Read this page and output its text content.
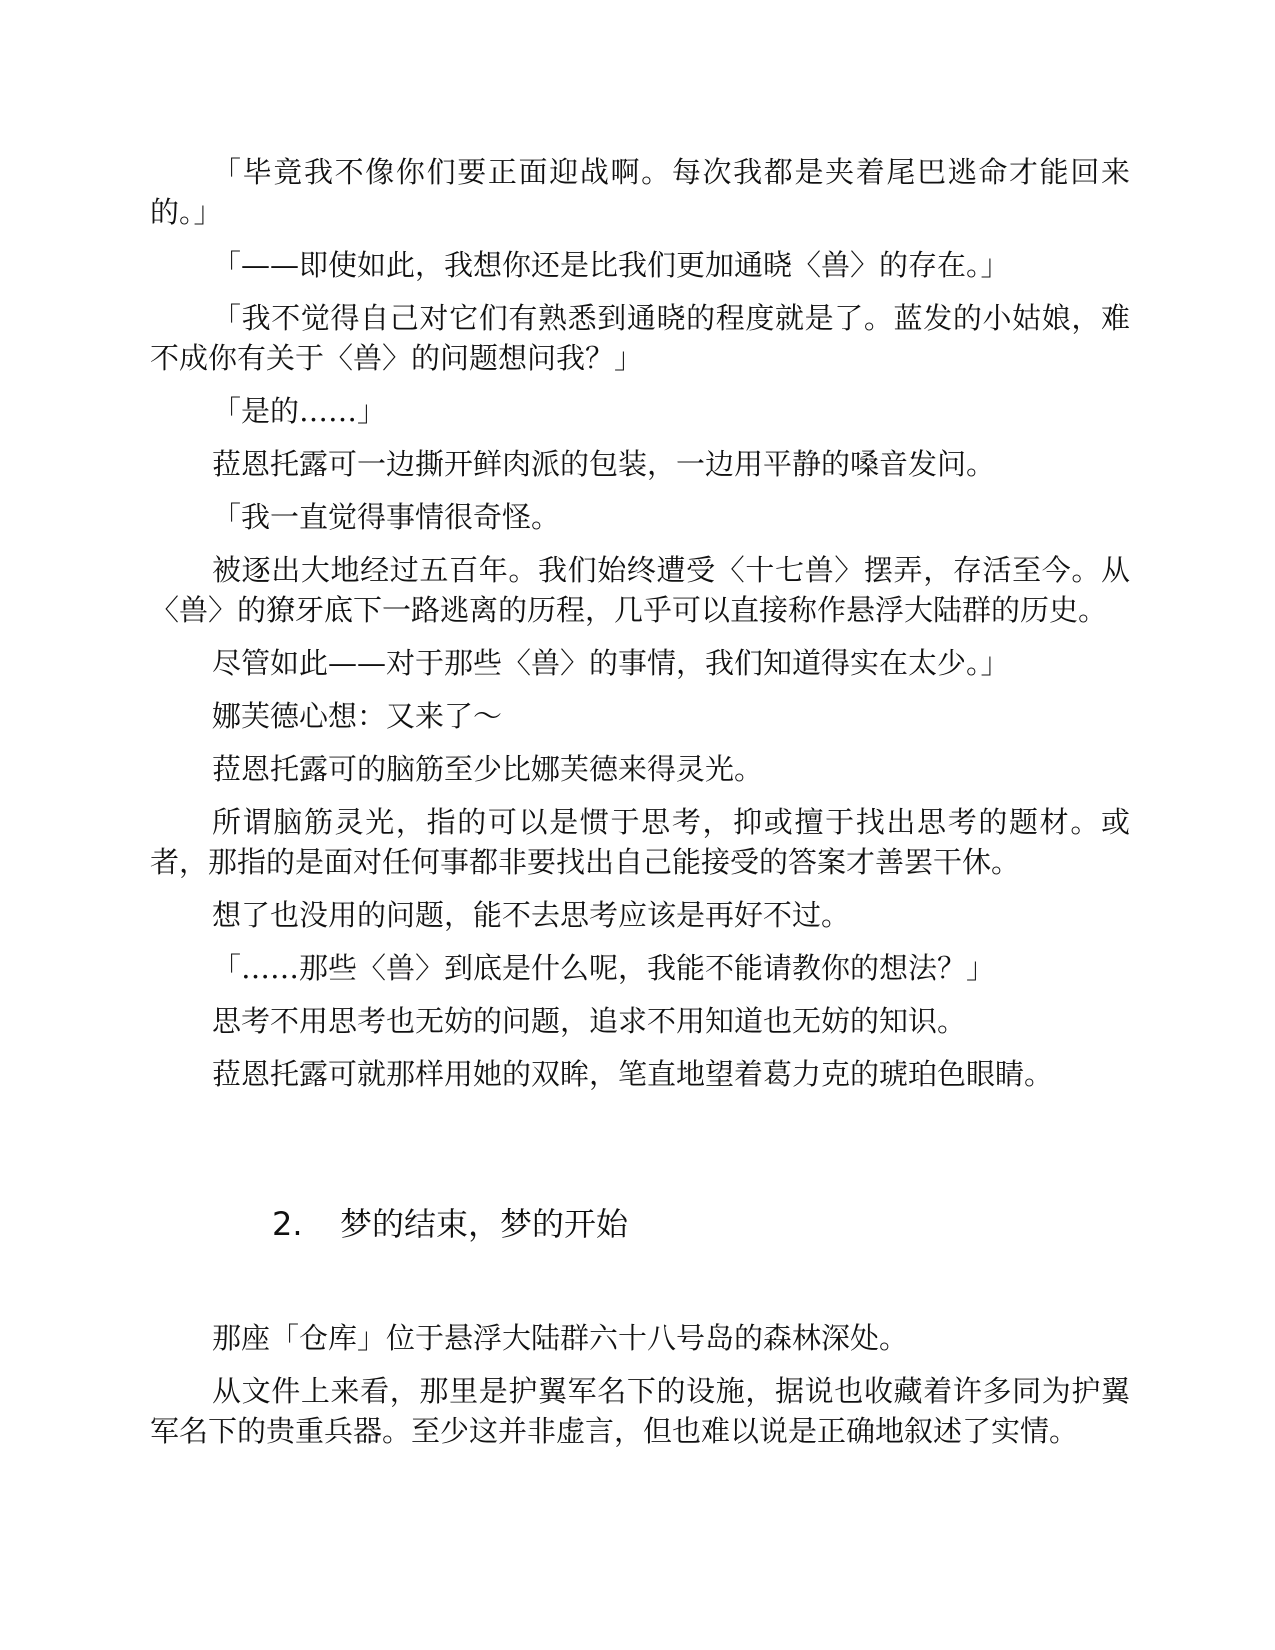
「毕竟我不像你们要正面迎战啊。每次我都是夹着尾巴逃命才能回来的。」

「——即使如此，我想你还是比我们更加通晓〈兽〉的存在。」

「我不觉得自己对它们有熟悉到通晓的程度就是了。蓝发的小姑娘，难不成你有关于〈兽〉的问题想问我？」

「是的……」

菈恩托露可一边撕开鲜肉派的包装，一边用平静的嗓音发问。

「我一直觉得事情很奇怪。

被逐出大地经过五百年。我们始终遭受〈十七兽〉摆弄，存活至今。从〈兽〉的獠牙底下一路逃离的历程，几乎可以直接称作悬浮大陆群的历史。

尽管如此——对于那些〈兽〉的事情，我们知道得实在太少。」

娜芙德心想：又来了～

菈恩托露可的脑筋至少比娜芙德来得灵光。

所谓脑筋灵光，指的可以是惯于思考，抑或擅于找出思考的题材。或者，那指的是面对任何事都非要找出自己能接受的答案才善罢干休。

想了也没用的问题，能不去思考应该是再好不过。

「……那些〈兽〉到底是什么呢，我能不能请教你的想法？」

思考不用思考也无妨的问题，追求不用知道也无妨的知识。

菈恩托露可就那样用她的双眸，笔直地望着葛力克的琥珀色眼睛。

2. 梦的结束，梦的开始

那座「仓库」位于悬浮大陆群六十八号岛的森林深处。

从文件上来看，那里是护翼军名下的设施，据说也收藏着许多同为护翼军名下的贵重兵器。至少这并非虚言，但也难以说是正确地叙述了实情。
